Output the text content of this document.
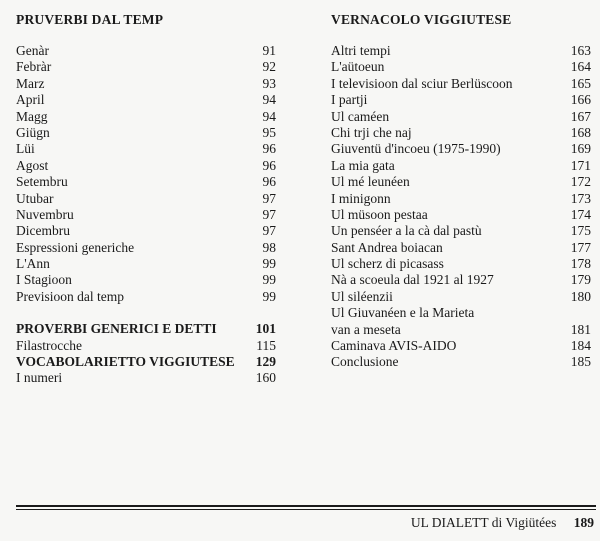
PRUVERBI DAL TEMP
Genàr	91
Febràr	92
Marz	93
April	94
Magg	94
Giügn	95
Lüi	96
Agost	96
Setembru	96
Utubar	97
Nuvembru	97
Dicembru	97
Espressioni generiche	98
L'Ann	99
I Stagioon	99
Previsioon dal temp	99
PROVERBI GENERICI E DETTI	101
Filastrocche	115
VOCABOLARIETTO VIGGIUTESE 129
I numeri	160
VERNACOLO VIGGIUTESE
Altri tempi	163
L'aütoeun	164
I televisioon dal sciur Berlüscoon	165
I partji	166
Ul caméen	167
Chi trji che naj	168
Giuventü d'incoeu (1975-1990)	169
La mia gata	171
Ul mé leunéen	172
I minigonn	173
Ul müsoon pestaa	174
Un penséer a la cà dal pastù	175
Sant Andrea boiacan	177
Ul scherz di picasass	178
Nà a scoeula dal 1921 al 1927	179
Ul siléenzii	180
Ul Giuvanéen e la Marieta
van a meseta	181
Caminava AVIS-AIDO	184
Conclusione	185
UL DIALETT di Vigiütées 189
